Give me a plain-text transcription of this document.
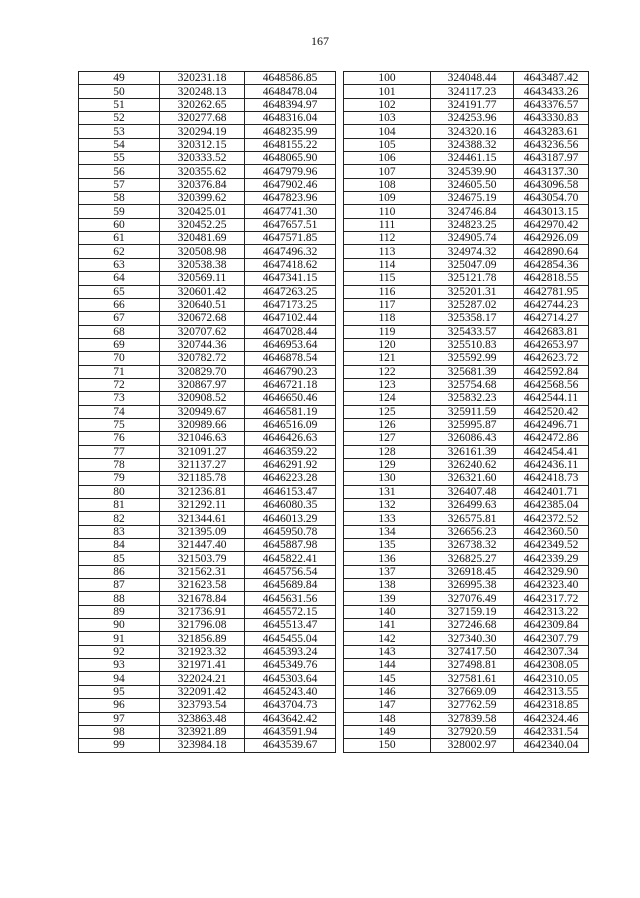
167
49	320231.18	4648586.85
50	320248.13	4648478.04
51	320262.65	4648394.97
52	320277.68	4648316.04
53	320294.19	4648235.99
54	320312.15	4648155.22
55	320333.52	4648065.90
56	320355.62	4647979.96
57	320376.84	4647902.46
58	320399.62	4647823.96
59	320425.01	4647741.30
60	320452.25	4647657.51
61	320481.69	4647571.85
62	320508.98	4647496.32
63	320538.38	4647418.62
64	320569.11	4647341.15
65	320601.42	4647263.25
66	320640.51	4647173.25
67	320672.68	4647102.44
68	320707.62	4647028.44
69	320744.36	4646953.64
70	320782.72	4646878.54
71	320829.70	4646790.23
72	320867.97	4646721.18
73	320908.52	4646650.46
74	320949.67	4646581.19
75	320989.66	4646516.09
76	321046.63	4646426.63
77	321091.27	4646359.22
78	321137.27	4646291.92
79	321185.78	4646223.28
80	321236.81	4646153.47
81	321292.11	4646080.35
82	321344.61	4646013.29
83	321395.09	4645950.78
84	321447.40	4645887.98
85	321503.79	4645822.41
86	321562.31	4645756.54
87	321623.58	4645689.84
88	321678.84	4645631.56
89	321736.91	4645572.15
90	321796.08	4645513.47
91	321856.89	4645455.04
92	321923.32	4645393.24
93	321971.41	4645349.76
94	322024.21	4645303.64
95	322091.42	4645243.40
96	323793.54	4643704.73
97	323863.48	4643642.42
98	323921.89	4643591.94
99	323984.18	4643539.67
100	324048.44	4643487.42
101	324117.23	4643433.26
102	324191.77	4643376.57
103	324253.96	4643330.83
104	324320.16	4643283.61
105	324388.32	4643236.56
106	324461.15	4643187.97
107	324539.90	4643137.30
108	324605.50	4643096.58
109	324675.19	4643054.70
110	324746.84	4643013.15
111	324823.25	4642970.42
112	324905.74	4642926.09
113	324974.32	4642890.64
114	325047.09	4642854.36
115	325121.78	4642818.55
116	325201.31	4642781.95
117	325287.02	4642744.23
118	325358.17	4642714.27
119	325433.57	4642683.81
120	325510.83	4642653.97
121	325592.99	4642623.72
122	325681.39	4642592.84
123	325754.68	4642568.56
124	325832.23	4642544.11
125	325911.59	4642520.42
126	325995.87	4642496.71
127	326086.43	4642472.86
128	326161.39	4642454.41
129	326240.62	4642436.11
130	326321.60	4642418.73
131	326407.48	4642401.71
132	326499.63	4642385.04
133	326575.81	4642372.52
134	326656.23	4642360.50
135	326738.32	4642349.52
136	326825.27	4642339.29
137	326918.45	4642329.90
138	326995.38	4642323.40
139	327076.49	4642317.72
140	327159.19	4642313.22
141	327246.68	4642309.84
142	327340.30	4642307.79
143	327417.50	4642307.34
144	327498.81	4642308.05
145	327581.61	4642310.05
146	327669.09	4642313.55
147	327762.59	4642318.85
148	327839.58	4642324.46
149	327920.59	4642331.54
150	328002.97	4642340.04
